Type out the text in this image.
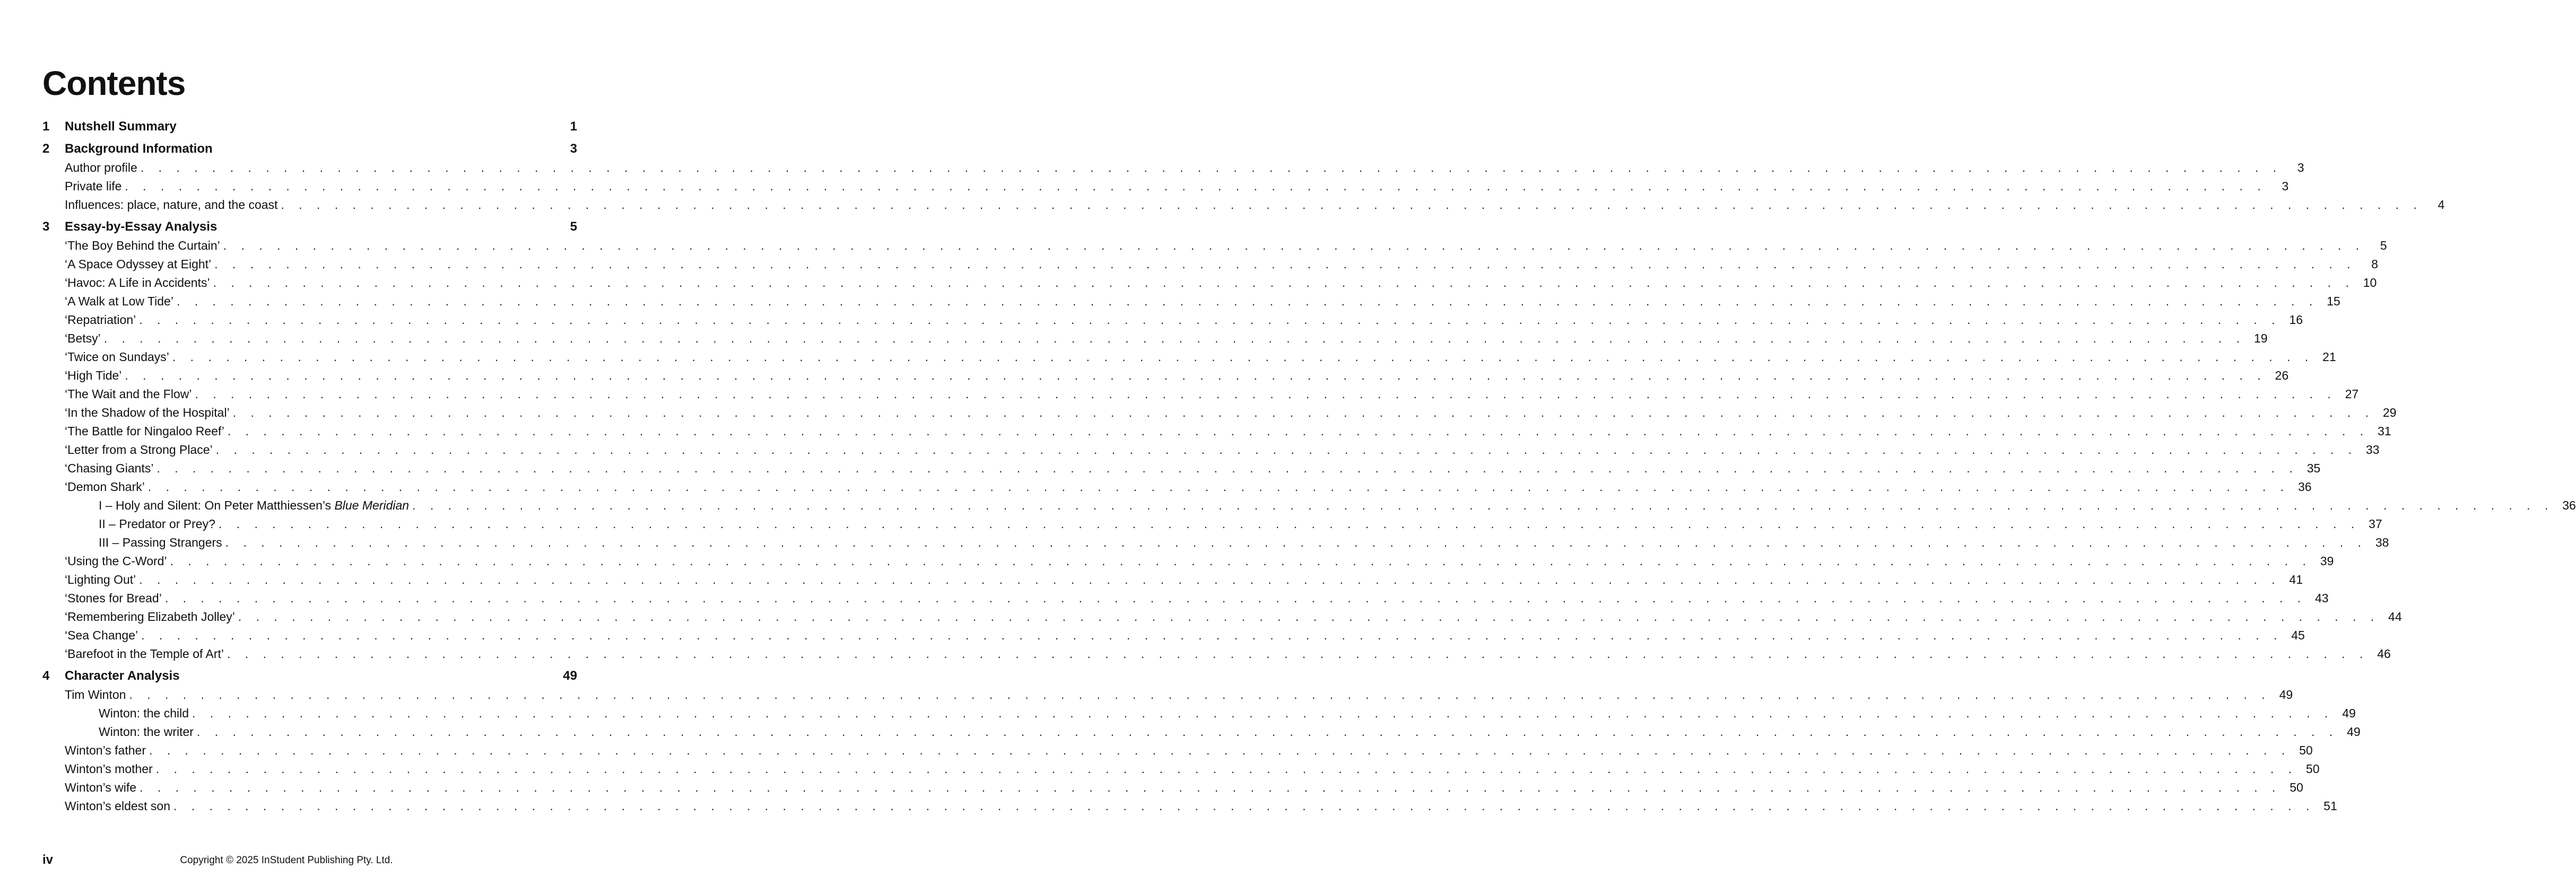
Contents
1	Nutshell Summary	1
2	Background Information	3
Author profile . . . . . . . . . . . . . . . . . . . . . . . . . . . . . . . . . . . . . . . . . . . . . . . . . . . . . . . . . . . . . . . . . . . . . . . . . . . . . . . . . . . . . . . . . . . . . . . . . . . . . . . . . . . . . . . . . . . . . . . .	3
Private life . . . . . . . . . . . . . . . . . . . . . . . . . . . . . . . . . . . . . . . . . . . . . . . . . . . . . . . . . . . . . . . . . . . . . . . . . . . . . . . . . . . . . . . . . . . . . . . . . . . . . . . . . . . . . . . . . . . . . . . .	3
Influences: place, nature, and the coast . . . . . . . . . . . . . . . . . . . . . . . . . . . . . . . . . . . . . . . . . . . . . . . . . . . . . . . . . . . . . . . . . . . . . . . . . . . . . . . . . . . . . . . . . . . . . . . . . . . . . . . . . . . . . . . . . . . . . . . .	4
3	Essay-by-Essay Analysis	5
‘The Boy Behind the Curtain’ . . . . . . . . . . . . . . . . . . . . . . . . . . . . . . . . . . . . . . . . . . . . . . . . . . . . . . . . . . . . . . . . . . . . . . . . . . . . . . . . . . . . . . . . . . . . . . . . . . . . . . . . . . . . . . . . . . . . . . . .	5
‘A Space Odyssey at Eight’ . . . . . . . . . . . . . . . . . . . . . . . . . . . . . . . . . . . . . . . . . . . . . . . . . . . . . . . . . . . . . . . . . . . . . . . . . . . . . . . . . . . . . . . . . . . . . . . . . . . . . . . . . . . . . . . . . . . . . . . .	8
‘Havoc: A Life in Accidents’ . . . . . . . . . . . . . . . . . . . . . . . . . . . . . . . . . . . . . . . . . . . . . . . . . . . . . . . . . . . . . . . . . . . . . . . . . . . . . . . . . . . . . . . . . . . . . . . . . . . . . . . . . . . . . . . . . . . . . . . . 10
‘A Walk at Low Tide’ . . . . . . . . . . . . . . . . . . . . . . . . . . . . . . . . . . . . . . . . . . . . . . . . . . . . . . . . . . . . . . . . . . . . . . . . . . . . . . . . . . . . . . . . . . . . . . . . . . . . . . . . . . . . . . . . . . . . . . . . 15
‘Repatriation’ . . . . . . . . . . . . . . . . . . . . . . . . . . . . . . . . . . . . . . . . . . . . . . . . . . . . . . . . . . . . . . . . . . . . . . . . . . . . . . . . . . . . . . . . . . . . . . . . . . . . . . . . . . . . . . . . . . . . . . . . 16
‘Betsy’ . . . . . . . . . . . . . . . . . . . . . . . . . . . . . . . . . . . . . . . . . . . . . . . . . . . . . . . . . . . . . . . . . . . . . . . . . . . . . . . . . . . . . . . . . . . . . . . . . . . . . . . . . . . . . . . . . . . . . . . . 19
‘Twice on Sundays’ . . . . . . . . . . . . . . . . . . . . . . . . . . . . . . . . . . . . . . . . . . . . . . . . . . . . . . . . . . . . . . . . . . . . . . . . . . . . . . . . . . . . . . . . . . . . . . . . . . . . . . . . . . . . . . . . . . . . . . . . 21
‘High Tide’ . . . . . . . . . . . . . . . . . . . . . . . . . . . . . . . . . . . . . . . . . . . . . . . . . . . . . . . . . . . . . . . . . . . . . . . . . . . . . . . . . . . . . . . . . . . . . . . . . . . . . . . . . . . . . . . . . . . . . . . . 26
‘The Wait and the Flow’ . . . . . . . . . . . . . . . . . . . . . . . . . . . . . . . . . . . . . . . . . . . . . . . . . . . . . . . . . . . . . . . . . . . . . . . . . . . . . . . . . . . . . . . . . . . . . . . . . . . . . . . . . . . . . . . . . . . . . . . . 27
‘In the Shadow of the Hospital’ . . . . . . . . . . . . . . . . . . . . . . . . . . . . . . . . . . . . . . . . . . . . . . . . . . . . . . . . . . . . . . . . . . . . . . . . . . . . . . . . . . . . . . . . . . . . . . . . . . . . . . . . . . . . . . . . . . . . . . . . 29
‘The Battle for Ningaloo Reef’ . . . . . . . . . . . . . . . . . . . . . . . . . . . . . . . . . . . . . . . . . . . . . . . . . . . . . . . . . . . . . . . . . . . . . . . . . . . . . . . . . . . . . . . . . . . . . . . . . . . . . . . . . . . . . . . . . . . . . . . . 31
‘Letter from a Strong Place’ . . . . . . . . . . . . . . . . . . . . . . . . . . . . . . . . . . . . . . . . . . . . . . . . . . . . . . . . . . . . . . . . . . . . . . . . . . . . . . . . . . . . . . . . . . . . . . . . . . . . . . . . . . . . . . . . . . . . . . . . 33
‘Chasing Giants’ . . . . . . . . . . . . . . . . . . . . . . . . . . . . . . . . . . . . . . . . . . . . . . . . . . . . . . . . . . . . . . . . . . . . . . . . . . . . . . . . . . . . . . . . . . . . . . . . . . . . . . . . . . . . . . . . . . . . . . . . 35
‘Demon Shark’ . . . . . . . . . . . . . . . . . . . . . . . . . . . . . . . . . . . . . . . . . . . . . . . . . . . . . . . . . . . . . . . . . . . . . . . . . . . . . . . . . . . . . . . . . . . . . . . . . . . . . . . . . . . . . . . . . . . . . . . . 36
I – Holy and Silent: On Peter Matthiessen’s Blue Meridian . . . . . . . . . . . . . . . . . . . . . . . . . . . . . . . . . . . . . . . . . . . . . . . . . . . . . . . . . . . . . . . . . . . . . . . . . . . . . . . . . . . . . . . . . . . . . . . . . . . . . . . . . . . . . . . . . . . . . . . . 36
II – Predator or Prey? . . . . . . . . . . . . . . . . . . . . . . . . . . . . . . . . . . . . . . . . . . . . . . . . . . . . . . . . . . . . . . . . . . . . . . . . . . . . . . . . . . . . . . . . . . . . . . . . . . . . . . . . . . . . . . . . . . . . . . . . 37
III – Passing Strangers . . . . . . . . . . . . . . . . . . . . . . . . . . . . . . . . . . . . . . . . . . . . . . . . . . . . . . . . . . . . . . . . . . . . . . . . . . . . . . . . . . . . . . . . . . . . . . . . . . . . . . . . . . . . . . . . . . . . . . . . 38
‘Using the C-Word’ . . . . . . . . . . . . . . . . . . . . . . . . . . . . . . . . . . . . . . . . . . . . . . . . . . . . . . . . . . . . . . . . . . . . . . . . . . . . . . . . . . . . . . . . . . . . . . . . . . . . . . . . . . . . . . . . . . . . . . . . 39
‘Lighting Out’ . . . . . . . . . . . . . . . . . . . . . . . . . . . . . . . . . . . . . . . . . . . . . . . . . . . . . . . . . . . . . . . . . . . . . . . . . . . . . . . . . . . . . . . . . . . . . . . . . . . . . . . . . . . . . . . . . . . . . . . . 41
‘Stones for Bread’ . . . . . . . . . . . . . . . . . . . . . . . . . . . . . . . . . . . . . . . . . . . . . . . . . . . . . . . . . . . . . . . . . . . . . . . . . . . . . . . . . . . . . . . . . . . . . . . . . . . . . . . . . . . . . . . . . . . . . . . . 43
‘Remembering Elizabeth Jolley’ . . . . . . . . . . . . . . . . . . . . . . . . . . . . . . . . . . . . . . . . . . . . . . . . . . . . . . . . . . . . . . . . . . . . . . . . . . . . . . . . . . . . . . . . . . . . . . . . . . . . . . . . . . . . . . . . . . . . . . . . 44
‘Sea Change’ . . . . . . . . . . . . . . . . . . . . . . . . . . . . . . . . . . . . . . . . . . . . . . . . . . . . . . . . . . . . . . . . . . . . . . . . . . . . . . . . . . . . . . . . . . . . . . . . . . . . . . . . . . . . . . . . . . . . . . . . 45
‘Barefoot in the Temple of Art’ . . . . . . . . . . . . . . . . . . . . . . . . . . . . . . . . . . . . . . . . . . . . . . . . . . . . . . . . . . . . . . . . . . . . . . . . . . . . . . . . . . . . . . . . . . . . . . . . . . . . . . . . . . . . . . . . . . . . . . . . 46
4	Character Analysis	49
Tim Winton . . . . . . . . . . . . . . . . . . . . . . . . . . . . . . . . . . . . . . . . . . . . . . . . . . . . . . . . . . . . . . . . . . . . . . . . . . . . . . . . . . . . . . . . . . . . . . . . . . . . . . . . . . . . . . . . . . . . . . . . 49
Winton: the child . . . . . . . . . . . . . . . . . . . . . . . . . . . . . . . . . . . . . . . . . . . . . . . . . . . . . . . . . . . . . . . . . . . . . . . . . . . . . . . . . . . . . . . . . . . . . . . . . . . . . . . . . . . . . . . . . . . . . . . . 49
Winton: the writer . . . . . . . . . . . . . . . . . . . . . . . . . . . . . . . . . . . . . . . . . . . . . . . . . . . . . . . . . . . . . . . . . . . . . . . . . . . . . . . . . . . . . . . . . . . . . . . . . . . . . . . . . . . . . . . . . . . . . . . . 49
Winton’s father . . . . . . . . . . . . . . . . . . . . . . . . . . . . . . . . . . . . . . . . . . . . . . . . . . . . . . . . . . . . . . . . . . . . . . . . . . . . . . . . . . . . . . . . . . . . . . . . . . . . . . . . . . . . . . . . . . . . . . . . 50
Winton’s mother . . . . . . . . . . . . . . . . . . . . . . . . . . . . . . . . . . . . . . . . . . . . . . . . . . . . . . . . . . . . . . . . . . . . . . . . . . . . . . . . . . . . . . . . . . . . . . . . . . . . . . . . . . . . . . . . . . . . . . . . 50
Winton’s wife . . . . . . . . . . . . . . . . . . . . . . . . . . . . . . . . . . . . . . . . . . . . . . . . . . . . . . . . . . . . . . . . . . . . . . . . . . . . . . . . . . . . . . . . . . . . . . . . . . . . . . . . . . . . . . . . . . . . . . . . 50
Winton’s eldest son . . . . . . . . . . . . . . . . . . . . . . . . . . . . . . . . . . . . . . . . . . . . . . . . . . . . . . . . . . . . . . . . . . . . . . . . . . . . . . . . . . . . . . . . . . . . . . . . . . . . . . . . . . . . . . . . . . . . . . . . 51
iv	Copyright © 2025 InStudent Publishing Pty. Ltd.
